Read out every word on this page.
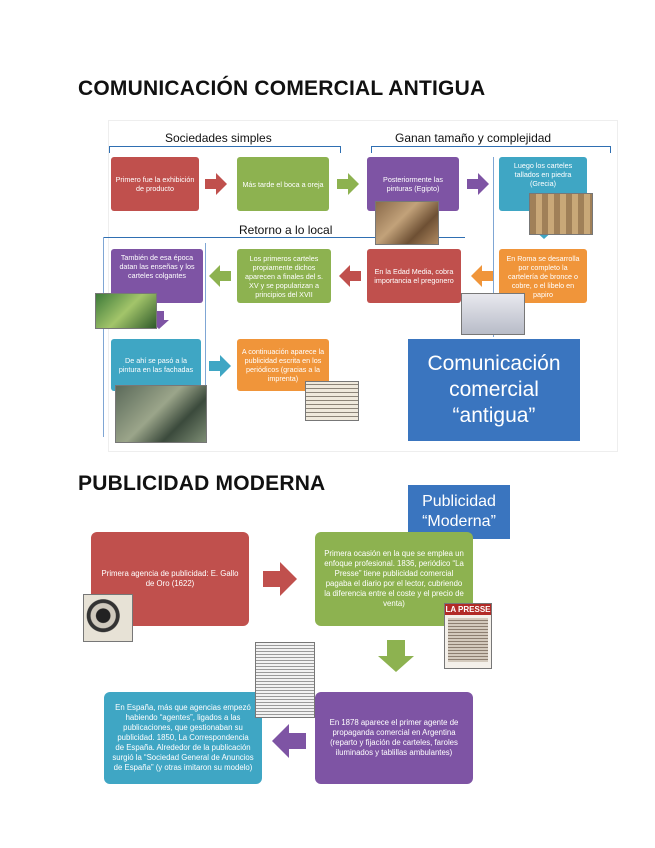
COMUNICACIÓN COMERCIAL ANTIGUA
Sociedades simples	Ganan tamaño y complejidad
Retorno a lo local
Primero fue la exhibición de producto	Más tarde el boca a oreja	Posteriormente las pinturas (Egipto)
Luego los carteles tallados en piedra (Grecia)
En Roma se desarrolla por completo la cartelería de bronce o cobre, o el libelo en papiro
En la Edad Media, cobra importancia el pregonero
Los primeros carteles propiamente dichos aparecen a finales del s. XV y se popularizan a principios del XVII
También de esa época datan las enseñas y los carteles colgantes
De ahí se pasó a la pintura en las fachadas
A continuación aparece la publicidad escrita en los periódicos (gracias a la imprenta)
Comunicación comercial “antigua”
PUBLICIDAD MODERNA
Publicidad “Moderna”
Primera agencia de publicidad: E. Gallo de Oro (1622)
Primera ocasión en la que se emplea un enfoque profesional. 1836, periódico “La Presse” tiene publicidad comercial pagaba el diario por el lector, cubriendo la diferencia entre el coste y el precio de venta)
En 1878 aparece el primer agente de propaganda comercial en Argentina (reparto y fijación de carteles, faroles iluminados y tablillas ambulantes)
En España, más que agencias empezó habiendo “agentes”, ligados a las publicaciones, que gestionaban su publicidad. 1850, La Correspondencia de España. Alrededor de la publicación surgió la “Sociedad General de Anuncios de España” (y otras imitaron su modelo)
LA PRESSE
